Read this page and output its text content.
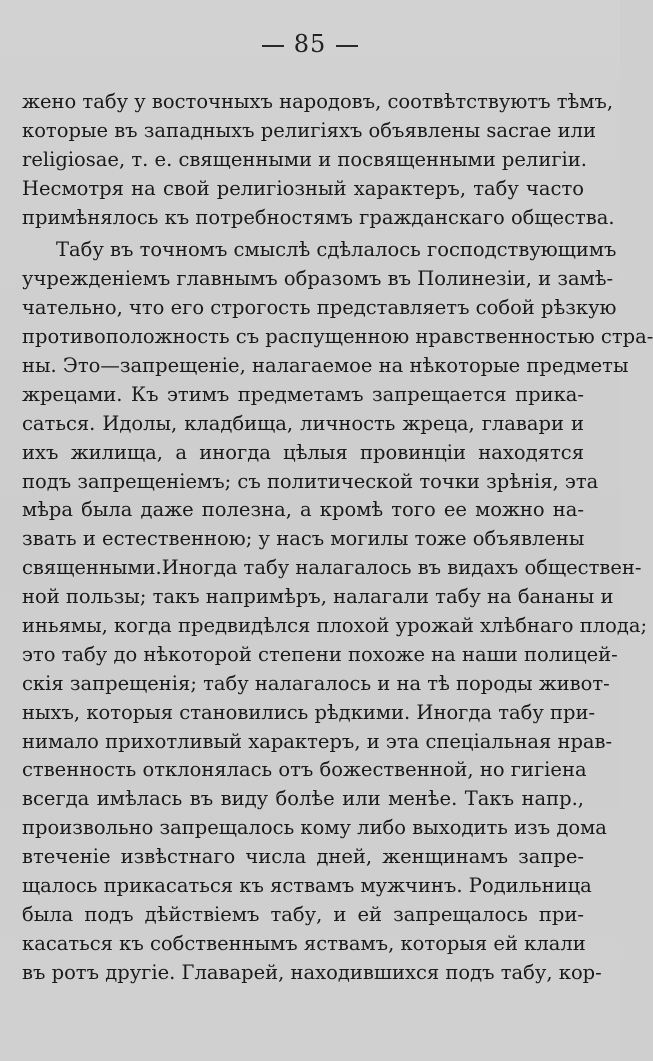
85
жено табу у восточныхъ народовъ, соотвѣтствуютъ тѣмъ,
которые въ западныхъ религiяхъ объявлены sacrae или
religiosae, т. е. священными и посвященными религiи.
Несмотря на свой религiозный характеръ, табу часто
примѣнялось къ потребностямъ гражданскаго общества.
Табу въ точномъ смыслѣ сдѣлалось господствующимъ
учрежденiемъ главнымъ образомъ въ Полинезiи, и замѣ-
чательно, что его строгость представляетъ собой рѣзкую
противоположность съ распущенною нравственностью стра-
ны. Это—запрещенiе, налагаемое на нѣкоторые предметы
жрецами. Къ этимъ предметамъ запрещается прика-
саться. Идолы, кладбища, личность жреца, главари и
ихъ жилища, а иногда цѣлыя провинцiи находятся
подъ запрещенiемъ; съ политической точки зрѣнiя, эта
мѣра была даже полезна, а кромѣ того ее можно на-
звать и естественною; у насъ могилы тоже объявлены
священными.Иногда табу налагалось въ видахъ обществен-
ной пользы; такъ напримѣръ, налагали табу на бананы и
иньямы, когда предвидѣлся плохой урожай хлѣбнаго плода;
это табу до нѣкоторой степени похоже на наши полицей-
скiя запрещенiя; табу налагалось и на тѣ породы живот-
ныхъ, которыя становились рѣдкими. Иногда табу при-
нимало прихотливый характеръ, и эта спецiальная нрав-
ственность отклонялась отъ божественной, но гигiена
всегда имѣлась въ виду болѣе или менѣе. Такъ напр.,
произвольно запрещалось кому либо выходить изъ дома
втеченiе извѣстнаго числа дней, женщинамъ запре-
щалось прикасаться къ яствамъ мужчинъ. Родильница
была подъ дѣйствiемъ табу, и ей запрещалось при-
касаться къ собственнымъ яствамъ, которыя ей клали
въ ротъ другiе. Главарей, находившихся подъ табу, кор-
